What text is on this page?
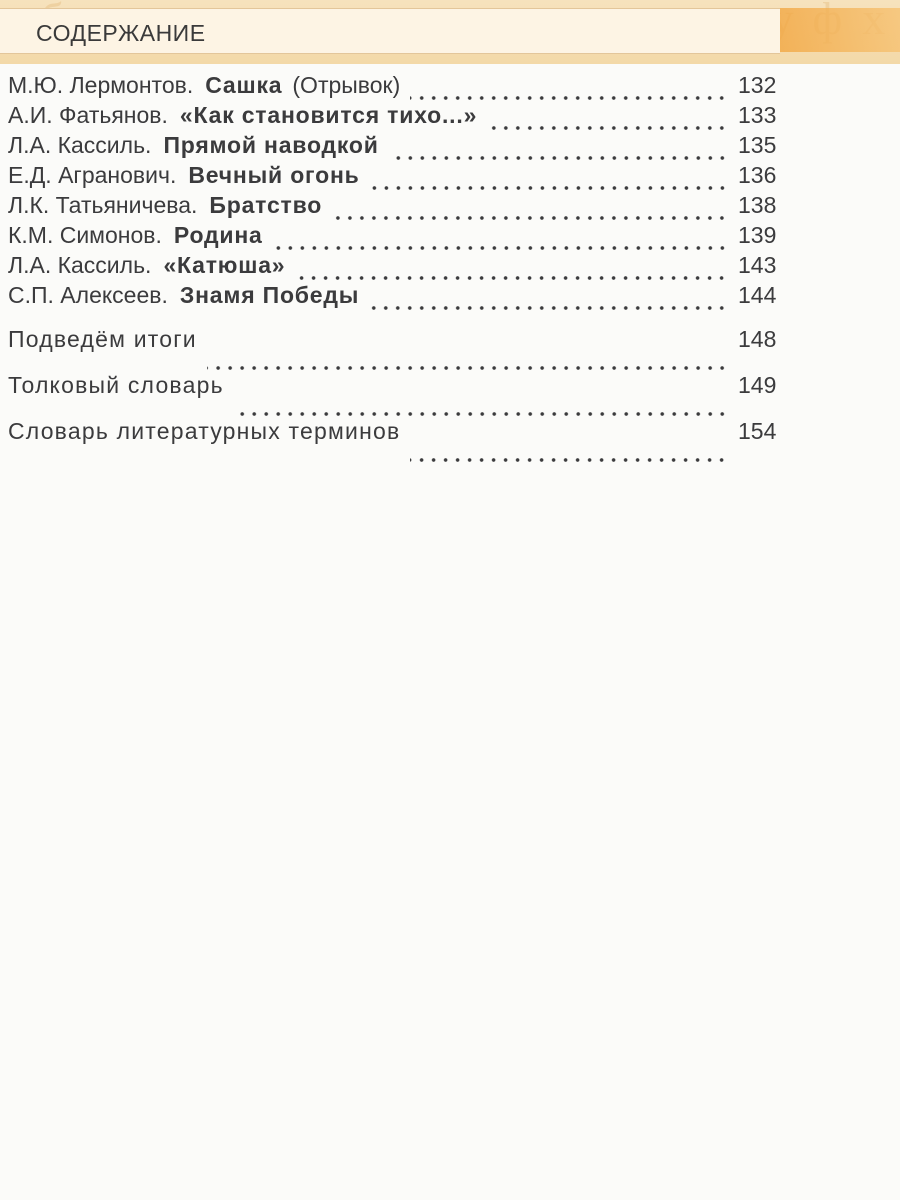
СОДЕРЖАНИЕ
М.Ю. Лермонтов. Сашка (Отрывок)	132
А.И. Фатьянов. «Как становится тихо...»	133
Л.А. Кассиль. Прямой наводкой	135
Е.Д. Агранович. Вечный огонь	136
Л.К. Татьяничева. Братство	138
К.М. Симонов. Родина	139
Л.А. Кассиль. «Катюша»	143
С.П. Алексеев. Знамя Победы	144
Подведём итоги	148
Толковый словарь	149
Словарь литературных терминов	154
